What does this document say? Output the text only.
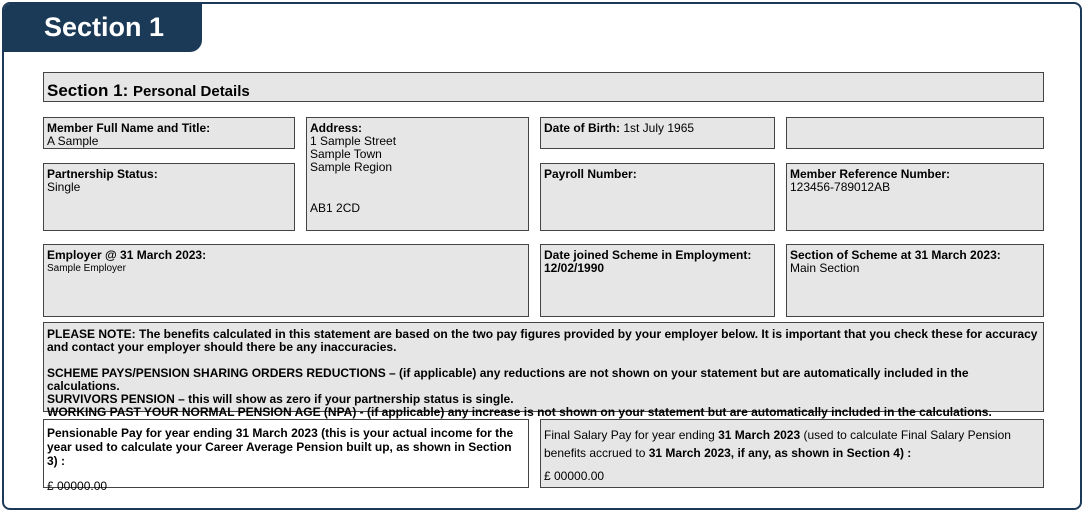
Section 1
Section 1: Personal Details
Member Full Name and Title:
A Sample
Partnership Status:
Single
Address:
1 Sample Street
Sample Town
Sample Region
AB1 2CD
Date of Birth: 1st July 1965
Payroll Number:	Member Reference Number:
123456-789012AB
Employer @ 31 March 2023:
Sample Employer
Date joined Scheme in Employment:
12/02/1990
Section of Scheme at 31 March 2023:
Main Section

PLEASE NOTE: The benefits calculated in this statement are based on the two pay figures provided by your employer below. It is important that you check these for accuracy and contact your employer should there be any inaccuracies.

SCHEME PAYS/PENSION SHARING ORDERS REDUCTIONS – (if applicable) any reductions are not shown on your statement but are automatically included in the calculations.

SURVIVORS PENSION – this will show as zero if your partnership status is single.

WORKING PAST YOUR NORMAL PENSION AGE (NPA) - (if applicable) any increase is not shown on your statement but are automatically included in the calculations.

Pensionable Pay for year ending 31 March 2023 (this is your actual income for the year used to calculate your Career Average Pension built up, as shown in Section 3) :
£ 00000.00
Final Salary Pay for year ending 31 March 2023 (used to calculate Final Salary Pension benefits accrued to 31 March 2023, if any, as shown in Section 4) :
£ 00000.00
